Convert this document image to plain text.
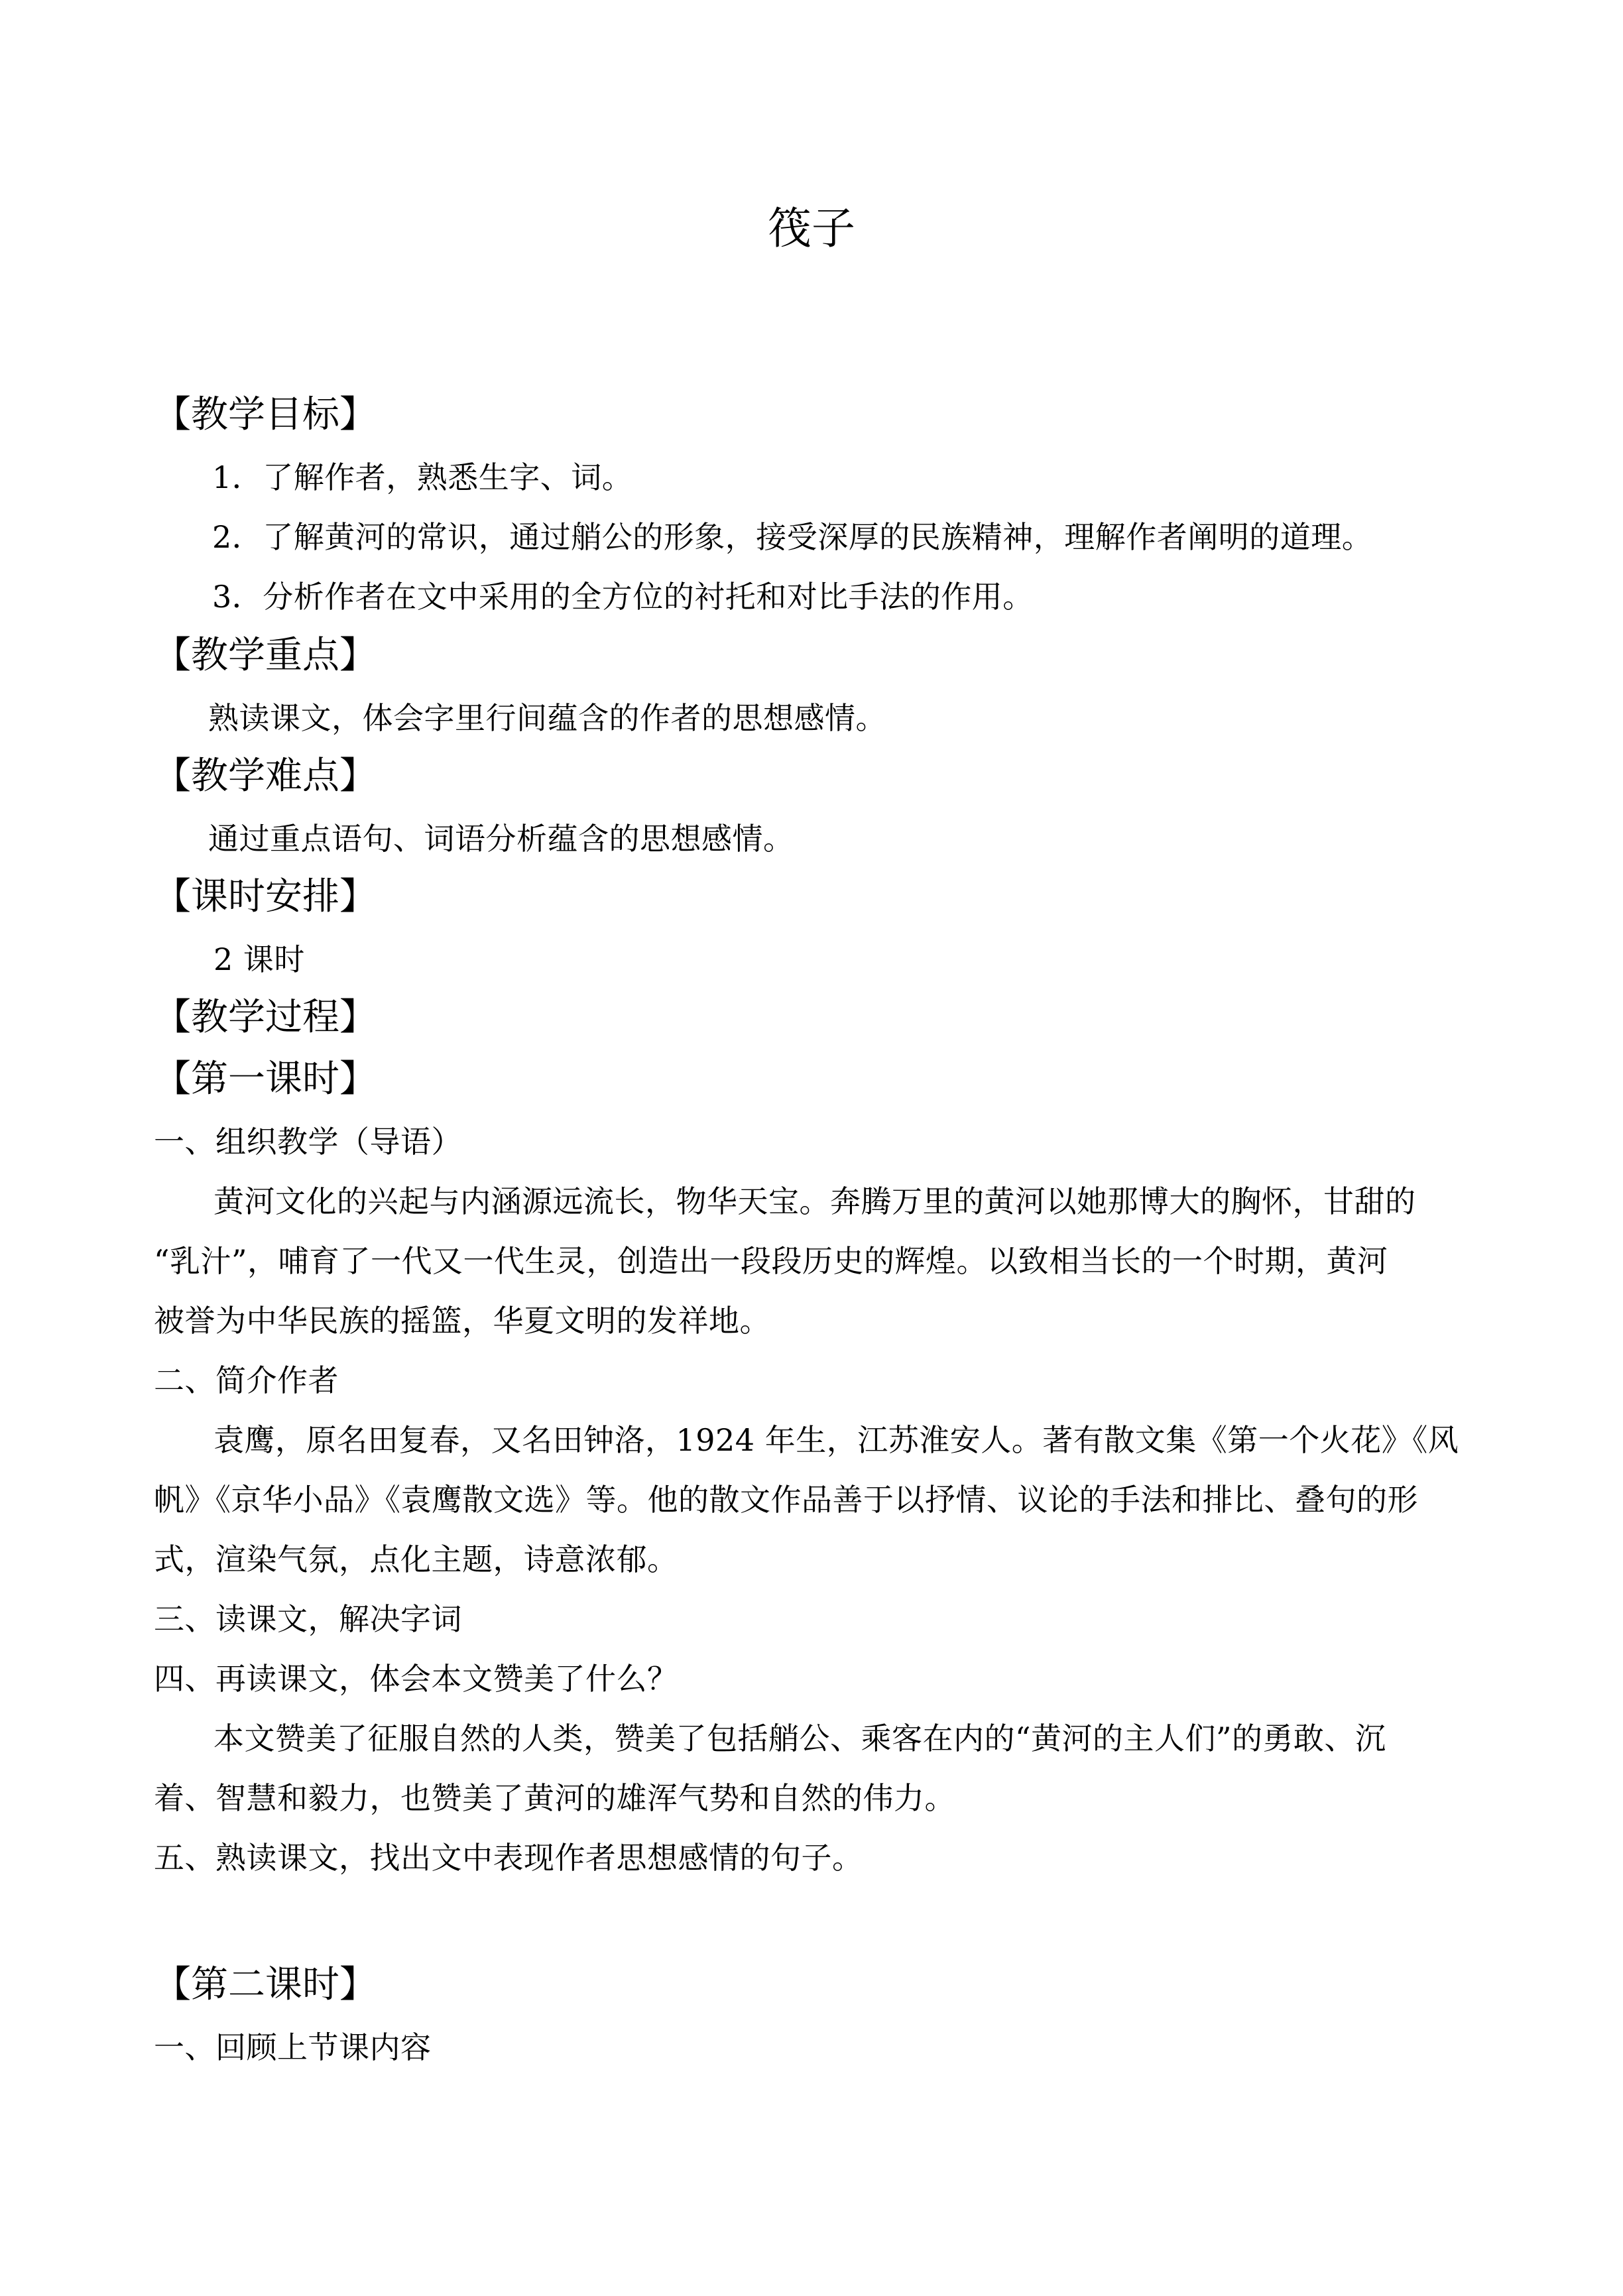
筏子
【教学目标】
1．了解作者，熟悉生字、词。
2．了解黄河的常识，通过艄公的形象，接受深厚的民族精神，理解作者阐明的道理。
3．分析作者在文中采用的全方位的衬托和对比手法的作用。
【教学重点】
熟读课文，体会字里行间蕴含的作者的思想感情。
【教学难点】
通过重点语句、词语分析蕴含的思想感情。
【课时安排】
2 课时
【教学过程】
【第一课时】
一、组织教学（导语）
黄河文化的兴起与内涵源远流长，物华天宝。奔腾万里的黄河以她那博大的胸怀，甘甜的
“乳汁”，哺育了一代又一代生灵，创造出一段段历史的辉煌。以致相当长的一个时期，黄河
被誉为中华民族的摇篮，华夏文明的发祥地。
二、简介作者
袁鹰，原名田复春，又名田钟洛，1924 年生，江苏淮安人。著有散文集《第一个火花》《风
帆》《京华小品》《袁鹰散文选》等。他的散文作品善于以抒情、议论的手法和排比、叠句的形
式，渲染气氛，点化主题，诗意浓郁。
三、读课文，解决字词
四、再读课文，体会本文赞美了什么？
本文赞美了征服自然的人类，赞美了包括艄公、乘客在内的“黄河的主人们”的勇敢、沉
着、智慧和毅力，也赞美了黄河的雄浑气势和自然的伟力。
五、熟读课文，找出文中表现作者思想感情的句子。
【第二课时】
一、回顾上节课内容
